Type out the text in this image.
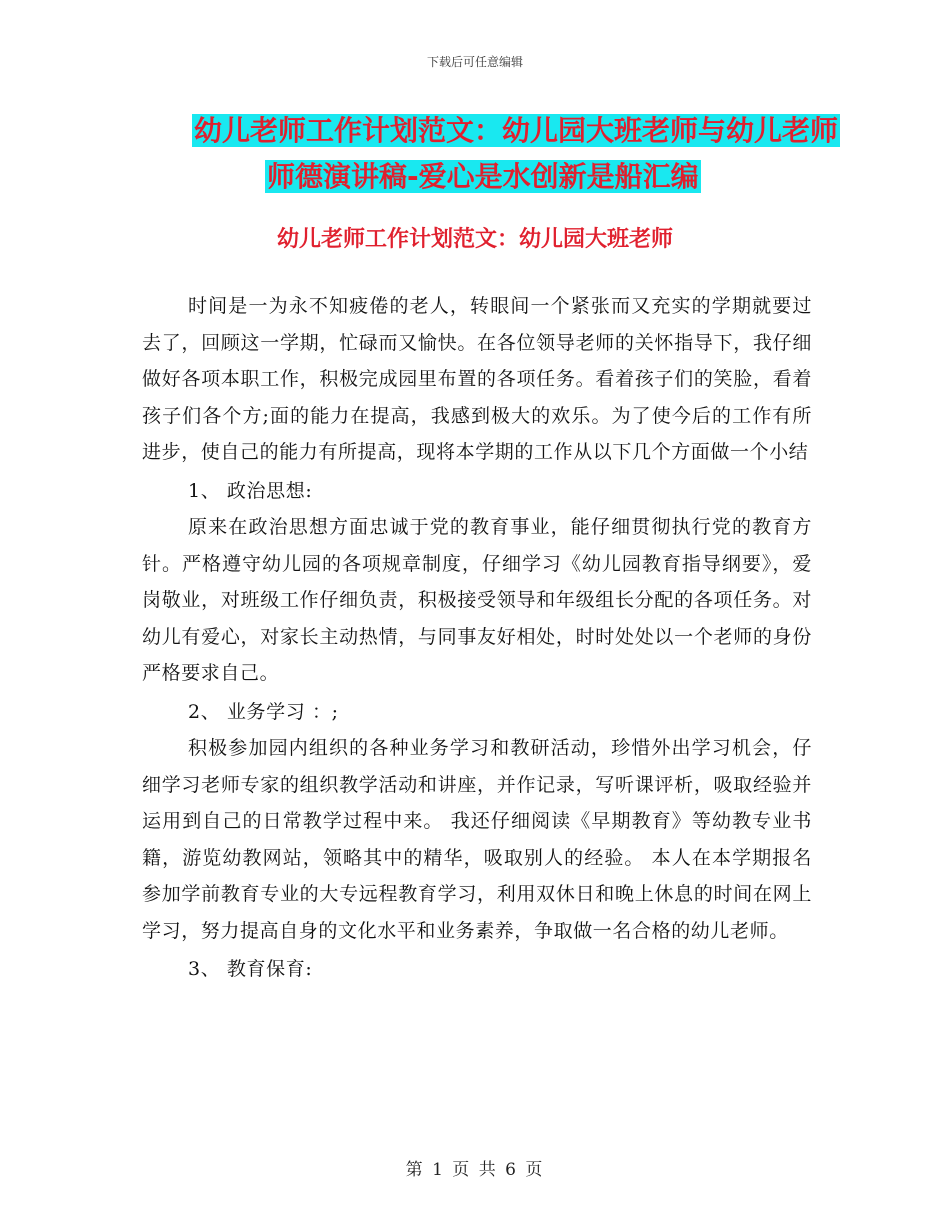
下载后可任意编辑
幼儿老师工作计划范文：幼儿园大班老师与幼儿老师
师德演讲稿-爱心是水创新是船汇编
幼儿老师工作计划范文：幼儿园大班老师

时间是一为永不知疲倦的老人，转眼间一个紧张而又充实的学期就要过去了，回顾这一学期，忙碌而又愉快。在各位领导老师的关怀指导下，我仔细做好各项本职工作，积极完成园里布置的各项任务。看着孩子们的笑脸，看着孩子们各个方;面的能力在提高，我感到极大的欢乐。为了使今后的工作有所进步，使自己的能力有所提高，现将本学期的工作从以下几个方面做一个小结

1、 政治思想:

原来在政治思想方面忠诚于党的教育事业，能仔细贯彻执行党的教育方针。严格遵守幼儿园的各项规章制度，仔细学习《幼儿园教育指导纲要》，爱岗敬业，对班级工作仔细负责，积极接受领导和年级组长分配的各项任务。对幼儿有爱心，对家长主动热情，与同事友好相处，时时处处以一个老师的身份严格要求自己。

2、 业务学习 ：;

积极参加园内组织的各种业务学习和教研活动，珍惜外出学习机会，仔细学习老师专家的组织教学活动和讲座，并作记录，写听课评析，吸取经验并运用到自己的日常教学过程中来。 我还仔细阅读《早期教育》等幼教专业书籍，游览幼教网站，领略其中的精华，吸取别人的经验。 本人在本学期报名参加学前教育专业的大专远程教育学习，利用双休日和晚上休息的时间在网上学习，努力提高自身的文化水平和业务素养，争取做一名合格的幼儿老师。

3、 教育保育:

第 1 页 共 6 页
